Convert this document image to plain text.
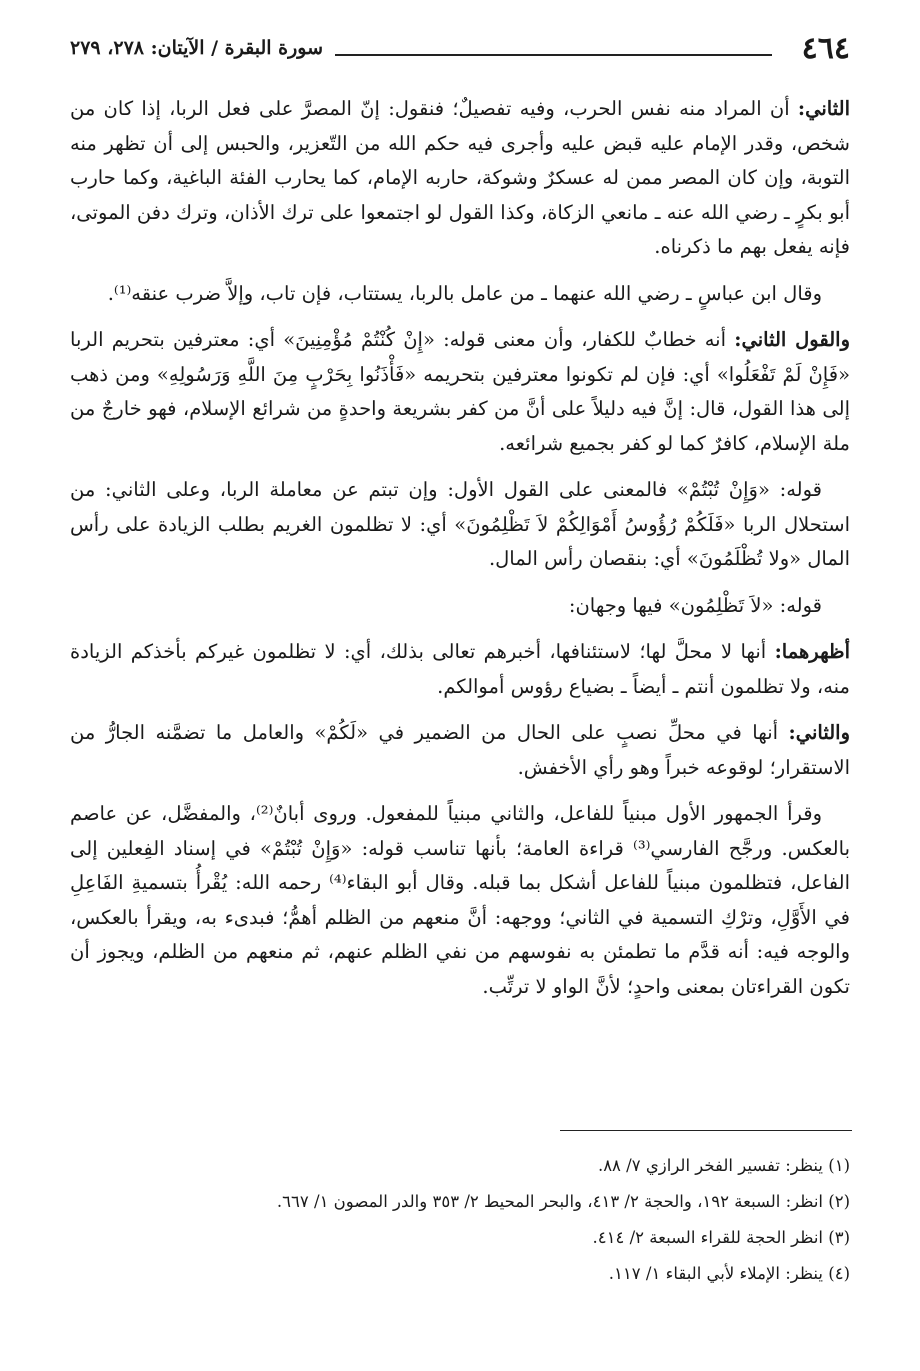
٤٦٤
سورة البقرة / الآيتان: ٢٧٨، ٢٧٩

الثاني: أن المراد منه نفس الحرب، وفيه تفصيلٌ؛ فنقول: إنّ المصرَّ على فعل الربا، إذا كان من شخص، وقدر الإمام عليه قبض عليه وأجرى فيه حكم الله من التّعزير، والحبس إلى أن تظهر منه التوبة، وإن كان المصر ممن له عسكرٌ وشوكة، حاربه الإمام، كما يحارب الفئة الباغية، وكما حارب أبو بكرٍ ـ رضي الله عنه ـ مانعي الزكاة، وكذا القول لو اجتمعوا على ترك الأذان، وترك دفن الموتى، فإنه يفعل بهم ما ذكرناه.

وقال ابن عباسٍ ـ رضي الله عنهما ـ من عامل بالربا، يستتاب، فإن تاب، وإلاَّ ضرب عنقه⁽¹⁾.

والقول الثاني: أنه خطابٌ للكفار، وأن معنى قوله: «إِنْ كُنْتُمْ مُؤْمِنِينَ» أي: معترفين بتحريم الربا «فَإِنْ لَمْ تَفْعَلُوا» أي: فإن لم تكونوا معترفين بتحريمه «فَأْذَنُوا بِحَرْبٍ مِنَ اللَّهِ وَرَسُولِهِ» ومن ذهب إلى هذا القول، قال: إنَّ فيه دليلاً على أنَّ من كفر بشريعة واحدةٍ من شرائع الإسلام، فهو خارجٌ من ملة الإسلام، كافرٌ كما لو كفر بجميع شرائعه.

قوله: «وَإِنْ تُبْتُمْ» فالمعنى على القول الأول: وإن تبتم عن معاملة الربا، وعلى الثاني: من استحلال الربا «فَلَكُمْ رُؤُوسُ أَمْوَالِكُمْ لاَ تَظْلِمُونَ» أي: لا تظلمون الغريم بطلب الزيادة على رأس المال «ولا تُظْلَمُونَ» أي: بنقصان رأس المال.

قوله: «لاَ تَظْلِمُون» فيها وجهان:

أظهرهما: أنها لا محلَّ لها؛ لاستئنافها، أخبرهم تعالى بذلك، أي: لا تظلمون غيركم بأخذكم الزيادة منه، ولا تظلمون أنتم ـ أيضاً ـ بضياع رؤوس أموالكم.

والثاني: أنها في محلِّ نصبٍ على الحال من الضمير في «لَكُمْ» والعامل ما تضمَّنه الجارُّ من الاستقرار؛ لوقوعه خبراً وهو رأي الأخفش.

وقرأ الجمهور الأول مبنياً للفاعل، والثاني مبنياً للمفعول. وروى أبانٌ⁽²⁾، والمفضَّل، عن عاصم بالعكس. ورجَّح الفارسي⁽³⁾ قراءة العامة؛ بأنها تناسب قوله: «وَإِنْ تُبْتُمْ» في إسناد الفِعلين إلى الفاعل، فتظلمون مبنياً للفاعل أشكل بما قبله. وقال أبو البقاء⁽⁴⁾ رحمه الله: يُقْرأُ بتسميةِ الفَاعِلِ في الأَوَّلِ، وترْكِ التسمية في الثاني؛ ووجهه: أنَّ منعهم من الظلم أهمُّ؛ فبدىء به، ويقرأ بالعكس، والوجه فيه: أنه قدَّم ما تطمئن به نفوسهم من نفي الظلم عنهم، ثم منعهم من الظلم، ويجوز أن تكون القراءتان بمعنى واحدٍ؛ لأنَّ الواو لا ترتِّب.

(١) ينظر: تفسير الفخر الرازي ٧/ ٨٨.
(٢) انظر: السبعة ١٩٢، والحجة ٢/ ٤١٣، والبحر المحيط ٢/ ٣٥٣ والدر المصون ١/ ٦٦٧.
(٣) انظر الحجة للقراء السبعة ٢/ ٤١٤.
(٤) ينظر: الإملاء لأبي البقاء ١/ ١١٧.
